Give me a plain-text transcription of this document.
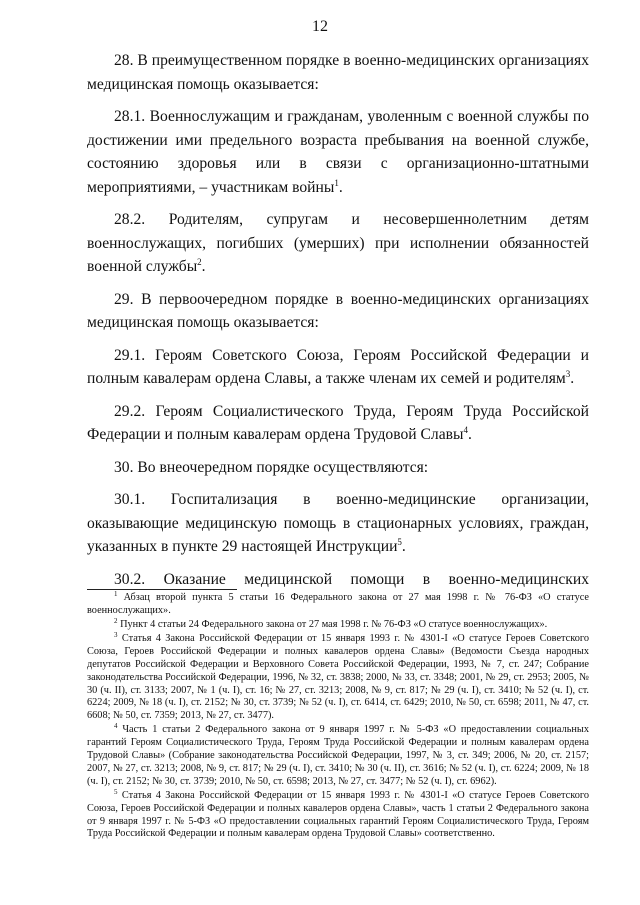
12

28. В преимущественном порядке в военно-медицинских организациях медицинская помощь оказывается:

28.1. Военнослужащим и гражданам, уволенным с военной службы по достижении ими предельного возраста пребывания на военной службе, состоянию здоровья или в связи с организационно-штатными мероприятиями, – участникам войны$^1$.

28.2. Родителям, супругам и несовершеннолетним детям военнослужащих, погибших (умерших) при исполнении обязанностей военной службы$^2$.

29. В первоочередном порядке в военно-медицинских организациях медицинская помощь оказывается:

29.1. Героям Советского Союза, Героям Российской Федерации и полным кавалерам ордена Славы, а также членам их семей и родителям$^3$.

29.2. Героям Социалистического Труда, Героям Труда Российской Федерации и полным кавалерам ордена Трудовой Славы$^4$.

30. Во внеочередном порядке осуществляются:

30.1. Госпитализация в военно-медицинские организации, оказывающие медицинскую помощь в стационарных условиях, граждан, указанных в пункте 29 настоящей Инструкции$^5$.

30.2. Оказание медицинской помощи в военно-медицинских

$^1$ Абзац второй пункта 5 статьи 16 Федерального закона от 27 мая 1998 г. № 76-ФЗ «О статусе военнослужащих».

$^2$ Пункт 4 статьи 24 Федерального закона от 27 мая 1998 г. № 76-ФЗ «О статусе военнослужащих».

$^3$ Статья 4 Закона Российской Федерации от 15 января 1993 г. № 4301-I «О статусе Героев Советского Союза, Героев Российской Федерации и полных кавалеров ордена Славы» (Ведомости Съезда народных депутатов Российской Федерации и Верховного Совета Российской Федерации, 1993, № 7, ст. 247; Собрание законодательства Российской Федерации, 1996, № 32, ст. 3838; 2000, № 33, ст. 3348; 2001, № 29, ст. 2953; 2005, № 30 (ч. II), ст. 3133; 2007, № 1 (ч. I), ст. 16; № 27, ст. 3213; 2008, № 9, ст. 817; № 29 (ч. I), ст. 3410; № 52 (ч. I), ст. 6224; 2009, № 18 (ч. I), ст. 2152; № 30, ст. 3739; № 52 (ч. I), ст. 6414, ст. 6429; 2010, № 50, ст. 6598; 2011, № 47, ст. 6608; № 50, ст. 7359; 2013, № 27, ст. 3477).

$^4$ Часть 1 статьи 2 Федерального закона от 9 января 1997 г. № 5-ФЗ «О предоставлении социальных гарантий Героям Социалистического Труда, Героям Труда Российской Федерации и полным кавалерам ордена Трудовой Славы» (Собрание законодательства Российской Федерации, 1997, № 3, ст. 349; 2006, № 20, ст. 2157; 2007, № 27, ст. 3213; 2008, № 9, ст. 817; № 29 (ч. I), ст. 3410; № 30 (ч. II), ст. 3616; № 52 (ч. I), ст. 6224; 2009, № 18 (ч. I), ст. 2152; № 30, ст. 3739; 2010, № 50, ст. 6598; 2013, № 27, ст. 3477; № 52 (ч. I), ст. 6962).

$^5$ Статья 4 Закона Российской Федерации от 15 января 1993 г. № 4301-I «О статусе Героев Советского Союза, Героев Российской Федерации и полных кавалеров ордена Славы», часть 1 статьи 2 Федерального закона от 9 января 1997 г. № 5-ФЗ «О предоставлении социальных гарантий Героям Социалистического Труда, Героям Труда Российской Федерации и полным кавалерам ордена Трудовой Славы» соответственно.
